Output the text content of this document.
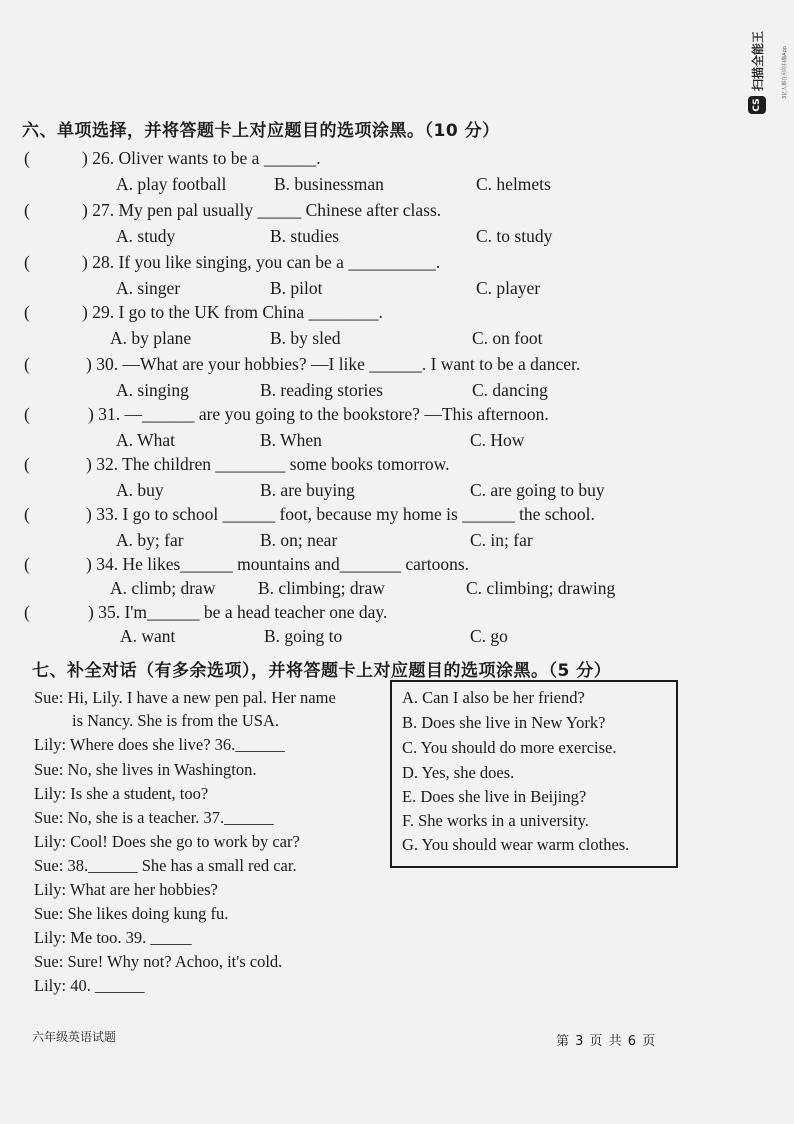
扫描全能王	3亿人都在用的扫描App
CS
六、单项选择，并将答题卡上对应题目的选项涂黑。（10 分）
(	) 26. Oliver wants to be a ______.
A. play football	B. businessman	C. helmets
(	) 27. My pen pal usually _____ Chinese after class.
A. study	B. studies	C. to study
(	) 28. If you like singing, you can be a __________.
A. singer	B. pilot	C. player
(	) 29. I go to the UK from China ________.
A. by plane	B. by sled	C. on foot
(	) 30. —What are your hobbies? —I like ______. I want to be a dancer.
A. singing	B. reading stories	C. dancing
(	) 31. —______ are you going to the bookstore? —This afternoon.
A. What	B. When	C. How
(	) 32. The children ________ some books tomorrow.
A. buy	B. are buying	C. are going to buy
(	) 33. I go to school ______ foot, because my home is ______ the school.
A. by; far	B. on; near	C. in; far
(	) 34. He likes______ mountains and_______ cartoons.
A. climb; draw B. climbing; draw	C. climbing; drawing
(	) 35. I'm______ be a head teacher one day.
A. want	B. going to	C. go
七、补全对话（有多余选项），并将答题卡上对应题目的选项涂黑。（5 分）
Sue: Hi, Lily. I have a new pen pal. Her name
is Nancy. She is from the USA.
Lily: Where does she live? 36.______
Sue: No, she lives in Washington.
Lily: Is she a student, too?
Sue: No, she is a teacher. 37.______
Lily: Cool! Does she go to work by car?
Sue: 38.______ She has a small red car.
Lily: What are her hobbies?
Sue: She likes doing kung fu.
Lily: Me too. 39. _____
Sue: Sure! Why not? Achoo, it's cold.
Lily: 40. ______
A. Can I also be her friend?
B. Does she live in New York?
C. You should do more exercise.
D. Yes, she does.
E. Does she live in Beijing?
F. She works in a university.
G. You should wear warm clothes.
六年级英语试题	第 3 页 共 6 页
